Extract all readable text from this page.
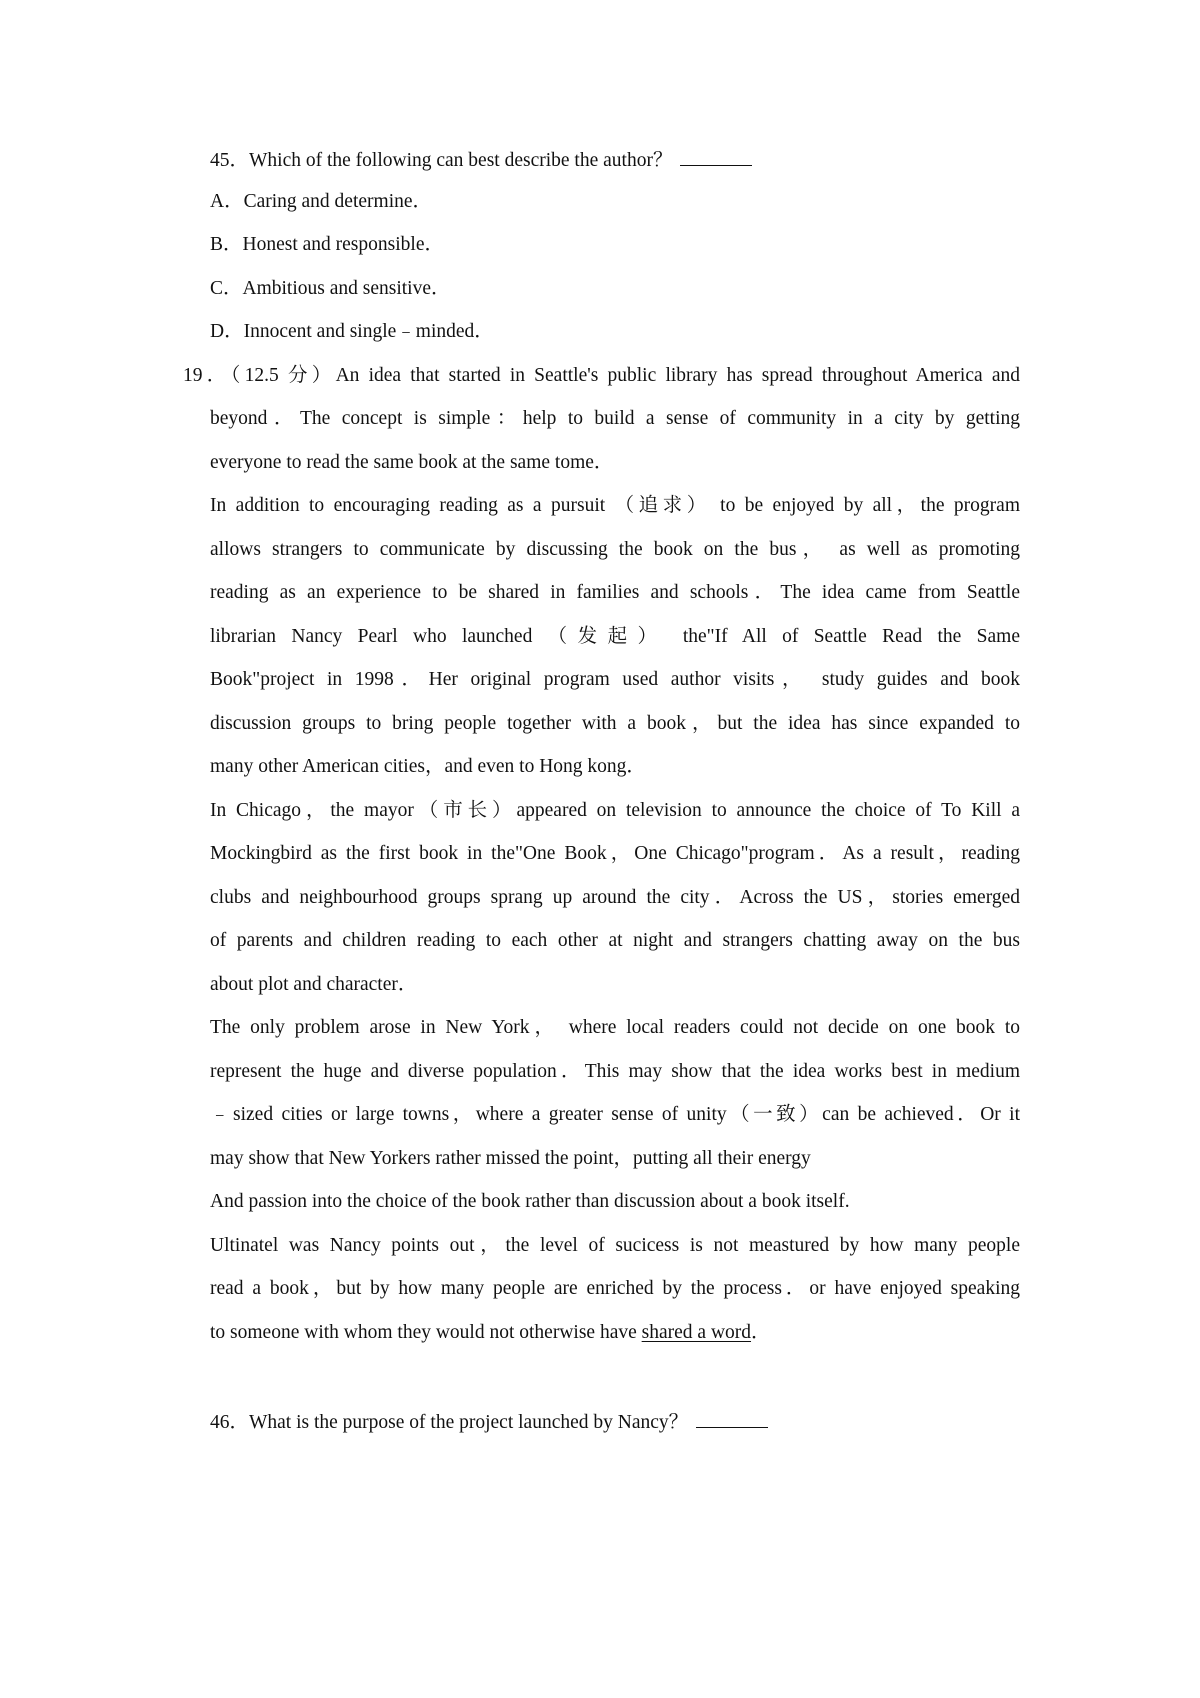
45．Which of the following can best describe the author？
A．Caring and determine．
B．Honest and responsible．
C．Ambitious and sensitive．
D．Innocent and single﹣minded．
19．（12.5 分）An idea that started in Seattle's public library has spread throughout America and
beyond．The concept is simple：help to build a sense of community in a city by getting
everyone to read the same book at the same tome．
In addition to encouraging reading as a pursuit （追求） to be enjoyed by all，the program
allows strangers to communicate by discussing the book on the bus， as well as promoting
reading as an experience to be shared in families and schools．The idea came from Seattle
librarian Nancy Pearl who launched （发起） the"If All of Seattle Read the Same
Book"project in 1998．Her original program used author visits， study guides and book
discussion groups to bring people together with a book，but the idea has since expanded to
many other American cities，and even to Hong kong．
In Chicago，the mayor（市长）appeared on television to announce the choice of To Kill a
Mockingbird as the first book in the"One Book，One Chicago"program．As a result，reading
clubs and neighbourhood groups sprang up around the city．Across the US，stories emerged
of parents and children reading to each other at night and strangers chatting away on the bus
about plot and character．
The only problem arose in New York， where local readers could not decide on one book to
represent the huge and diverse population．This may show that the idea works best in medium
﹣sized cities or large towns，where a greater sense of unity（一致）can be achieved．Or it
may show that New Yorkers rather missed the point，putting all their energy
And passion into the choice of the book rather than discussion about a book itself.
Ultinatel was Nancy points out，the level of sucicess is not meastured by how many people
read a book，but by how many people are enriched by the process．or have enjoyed speaking
to someone with whom they would not otherwise have shared a word．
46．What is the purpose of the project launched by Nancy？
